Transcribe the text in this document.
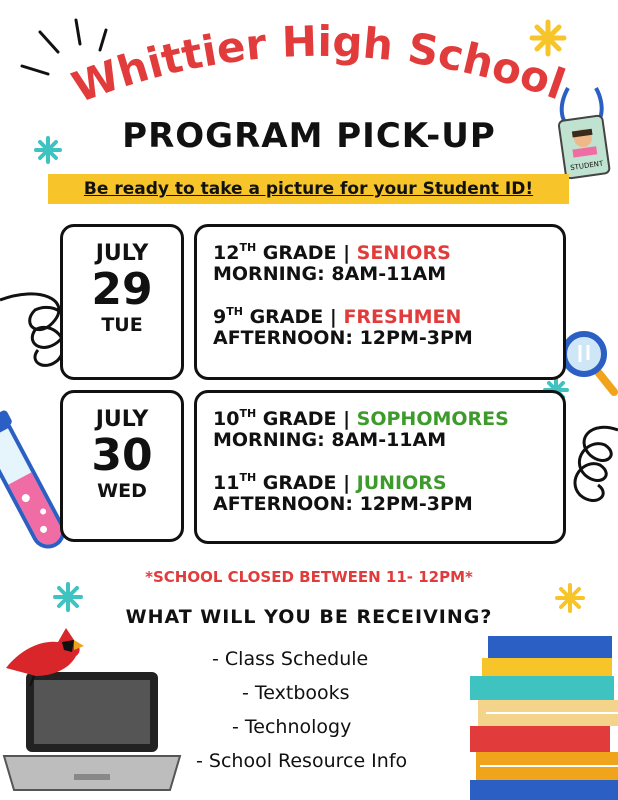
Whittier High School
STUDENT
PROGRAM PICK-UP
Be ready to take a picture for your Student ID!
JULY
29
TUE
12TH GRADE | SENIORS
MORNING: 8AM-11AM
9TH GRADE | FRESHMEN
AFTERNOON: 12PM-3PM
JULY
30
WED
10TH GRADE | SOPHOMORES
MORNING: 8AM-11AM
11TH GRADE | JUNIORS
AFTERNOON: 12PM-3PM
*SCHOOL CLOSED BETWEEN 11- 12PM*
WHAT WILL YOU BE RECEIVING?
- Class Schedule
- Textbooks
- Technology
- School Resource Info
